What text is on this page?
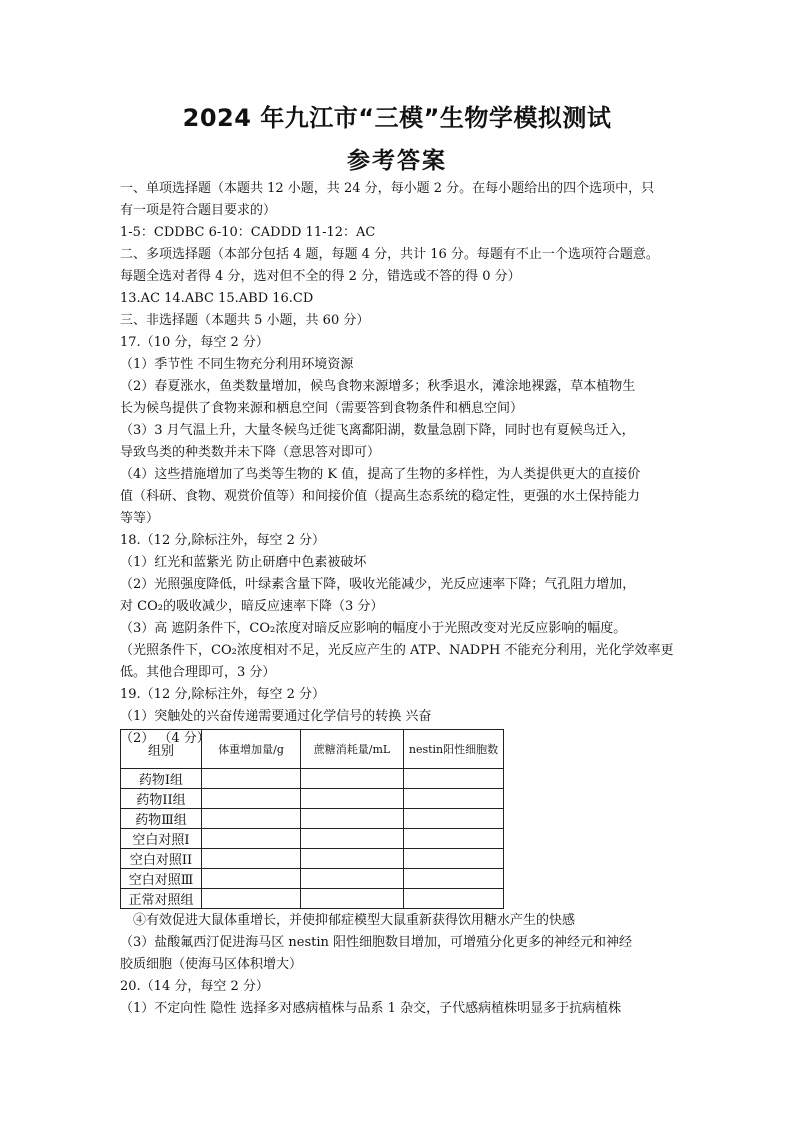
2024 年九江市“三模”生物学模拟测试
参考答案
一、单项选择题（本题共 12 小题，共 24 分，每小题 2 分。在每小题给出的四个选项中，只
有一项是符合题目要求的）
1-5：CDDBC 6-10：CADDD 11-12：AC
二、多项选择题（本部分包括 4 题，每题 4 分，共计 16 分。每题有不止一个选项符合题意。
每题全选对者得 4 分，选对但不全的得 2 分，错选或不答的得 0 分）
13.AC 14.ABC 15.ABD 16.CD
三、非选择题（本题共 5 小题，共 60 分）
17.（10 分，每空 2 分）
（1）季节性 不同生物充分利用环境资源
（2）春夏涨水，鱼类数量增加，候鸟食物来源增多；秋季退水，滩涂地裸露，草本植物生
长为候鸟提供了食物来源和栖息空间（需要答到食物条件和栖息空间）
（3）3 月气温上升，大量冬候鸟迁徙飞离鄱阳湖，数量急剧下降，同时也有夏候鸟迁入，
导致鸟类的种类数并未下降（意思答对即可）
（4）这些措施增加了鸟类等生物的 K 值，提高了生物的多样性，为人类提供更大的直接价
值（科研、食物、观赏价值等）和间接价值（提高生态系统的稳定性，更强的水土保持能力
等等）
18.（12 分,除标注外，每空 2 分）
（1）红光和蓝紫光 防止研磨中色素被破坏
（2）光照强度降低，叶绿素含量下降，吸收光能减少，光反应速率下降；气孔阻力增加，
对 CO₂的吸收减少，暗反应速率下降（3 分）
（3）高 遮阴条件下，CO₂浓度对暗反应影响的幅度小于光照改变对光反应影响的幅度。
（光照条件下，CO₂浓度相对不足，光反应产生的 ATP、NADPH 不能充分利用，光化学效率更
低。其他合理即可，3 分）
19.（12 分,除标注外，每空 2 分）
（1）突触处的兴奋传递需要通过化学信号的转换 兴奋
（2） （4 分）
组别	体重增加量/g	蔗糖消耗量/mL	nestin阳性细胞数
药物Ⅰ组			
药物II组			
药物Ⅲ组			
空白对照Ⅰ			
空白对照II			
空白对照Ⅲ			
正常对照组			
④有效促进大鼠体重增长，并使抑郁症模型大鼠重新获得饮用糖水产生的快感
（3）盐酸氟西汀促进海马区 nestin 阳性细胞数目增加，可增殖分化更多的神经元和神经
胶质细胞（使海马区体积增大）
20.（14 分，每空 2 分）
（1）不定向性 隐性 选择多对感病植株与品系 1 杂交，子代感病植株明显多于抗病植株
